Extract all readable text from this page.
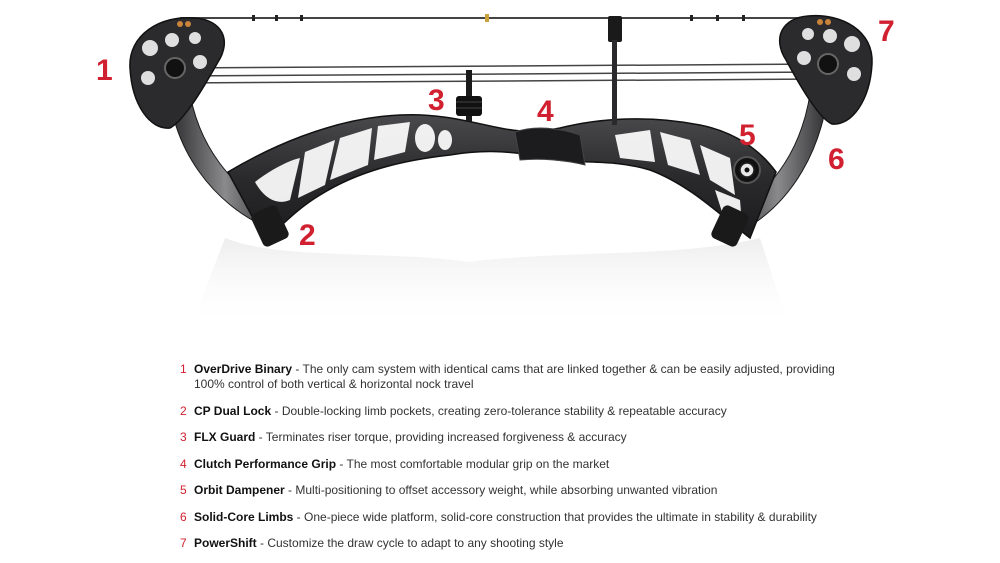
1
2
3	4
5
6
7
1 OverDrive Binary - The only cam system with identical cams that are linked together & can be easily adjusted, providing 100% control of both vertical & horizontal nock travel
2 CP Dual Lock - Double-locking limb pockets, creating zero-tolerance stability & repeatable accuracy
3 FLX Guard - Terminates riser torque, providing increased forgiveness & accuracy
4 Clutch Performance Grip - The most comfortable modular grip on the market
5 Orbit Dampener - Multi-positioning to offset accessory weight, while absorbing unwanted vibration
6 Solid-Core Limbs - One-piece wide platform, solid-core construction that provides the ultimate in stability & durability
7 PowerShift - Customize the draw cycle to adapt to any shooting style
